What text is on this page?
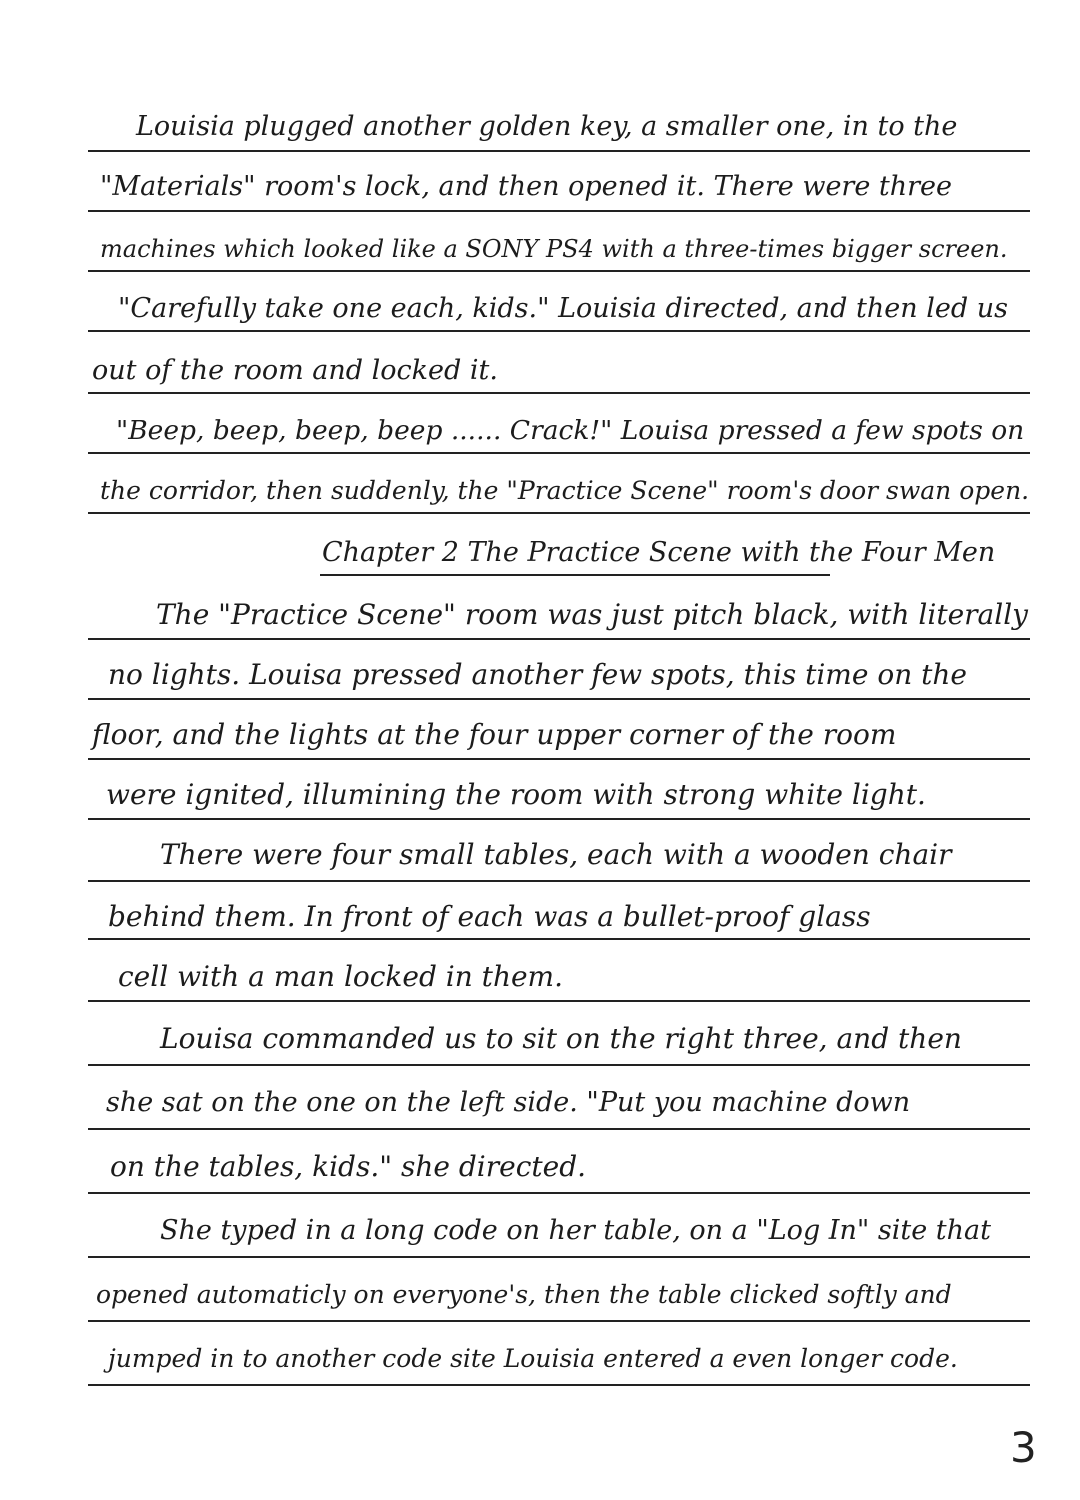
Louisia plugged another golden key, a smaller one, in to the
"Materials" room's lock, and then opened it. There were three
machines which looked like a SONY PS4 with a three-times bigger screen.
"Carefully take one each, kids." Louisia directed, and then led us
out of the room and locked it.
"Beep, beep, beep, beep ...... Crack!" Louisa pressed a few spots on
the corridor, then suddenly, the "Practice Scene" room's door swan open.
Chapter 2 The Practice Scene with the Four Men
The "Practice Scene" room was just pitch black, with literally
no lights. Louisa pressed another few spots, this time on the
floor, and the lights at the four upper corner of the room
were ignited, illumining the room with strong white light.
There were four small tables, each with a wooden chair
behind them. In front of each was a bullet-proof glass
cell with a man locked in them.
Louisa commanded us to sit on the right three, and then
she sat on the one on the left side. "Put you machine down
on the tables, kids." she directed.
She typed in a long code on her table, on a "Log In" site that
opened automaticly on everyone's, then the table clicked softly and
jumped in to another code site Louisia entered a even longer code.
3
